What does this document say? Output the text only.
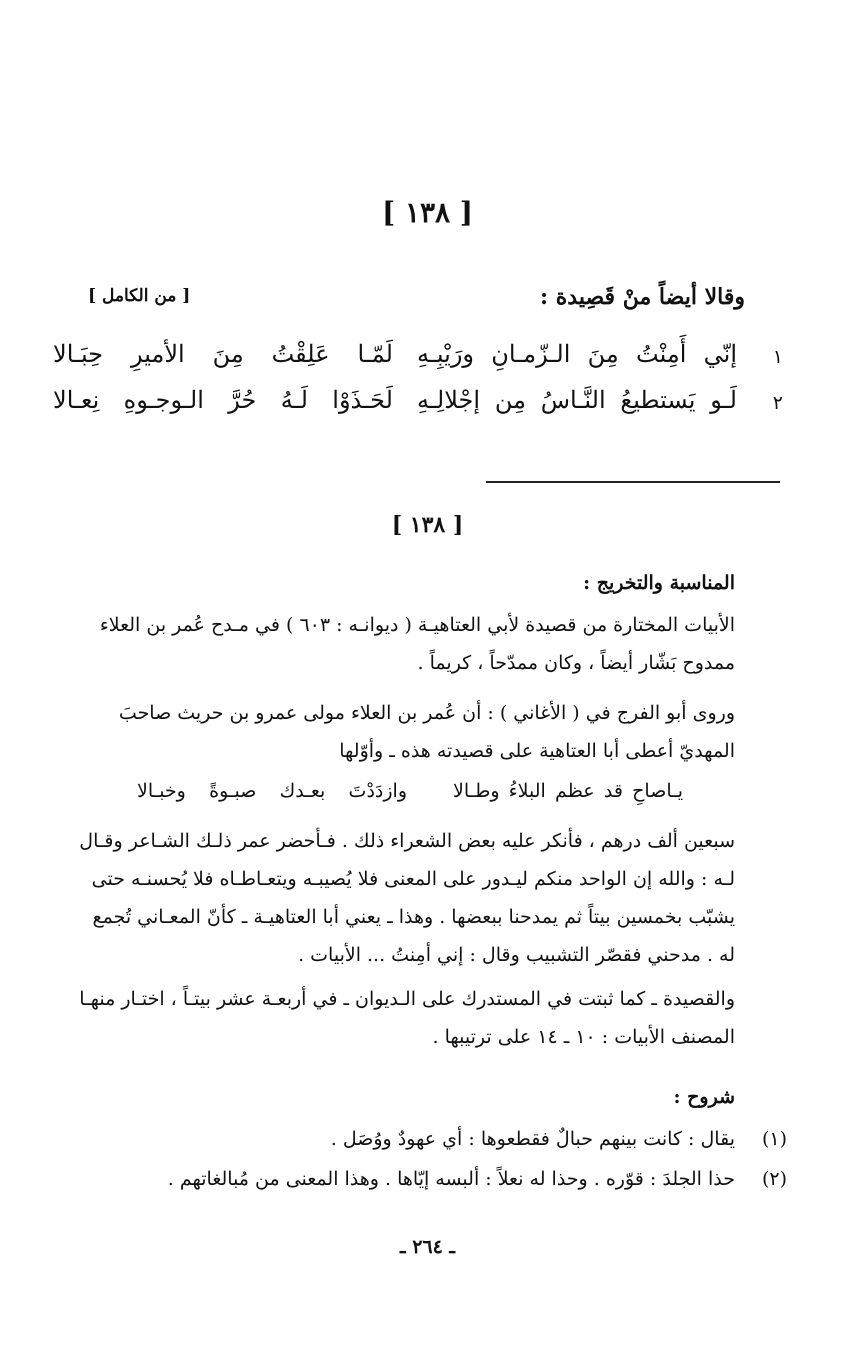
[ ١٣٨ ]
وقالا أيضاً منْ قَصِيدة :
[ من الكامل ]
١
إنّي أَمِنْتُ مِنَ الـزّمـانِ ورَيْبِـهِ
لَمّـا عَلِقْتُ مِنَ الأميرِ حِبَـالا
٢
لَـو يَستطيعُ النَّـاسُ مِن إجْلالِـهِ
لَحَـذَوْا لَـهُ حُرَّ الـوجـوهِ نِعـالا
[ ١٣٨ ]
المناسبة والتخريج :
الأبيات المختارة من قصيدة لأبي العتاهيـة ( ديوانـه : ٦٠٣ ) في مـدح عُمر بن العلاء
ممدوح بَشّار أيضاً ، وكان ممدّحاً ، كريماً .
وروى أبو الفرج في ( الأغاني ) : أن عُمر بن العلاء مولى عمرو بن حريث صاحبَ
المهديّ أعطى أبا العتاهية على قصيدته هذه ـ وأوّلها
يـاصاحِ قد عظم البلاءُ وطـالا
وازدَدْتَ بعـدك صبـوةً وخبـالا
سبعين ألف درهم ، فأنكر عليه بعض الشعراء ذلك . فـأحضر عمر ذلـك الشـاعر وقـال
لـه : والله إن الواحد منكم ليـدور على المعنى فلا يُصيبـه ويتعـاطـاه فلا يُحسنـه حتى
يشبّب بخمسين بيتاً ثم يمدحنا ببعضها . وهذا ـ يعني أبا العتاهيـة ـ كأنّ المعـاني تُجمع
له . مدحني فقصّر التشبيب وقال : إني أمِنتُ ... الأبيات .
والقصيدة ـ كما ثبتت في المستدرك على الـديوان ـ في أربعـة عشر بيتـاً ، اختـار منهـا
المصنف الأبيات : ١٠ ـ ١٤ على ترتيبها .
شروح :
(١)
يقال : كانت بينهم حبالٌ فقطعوها : أي عهودٌ ووُصَل .
(٢)
حذا الجلدَ : قوّره . وحذا له نعلاً : ألبسه إيّاها . وهذا المعنى من مُبالغاتهم .
ـ ٢٦٤ ـ
